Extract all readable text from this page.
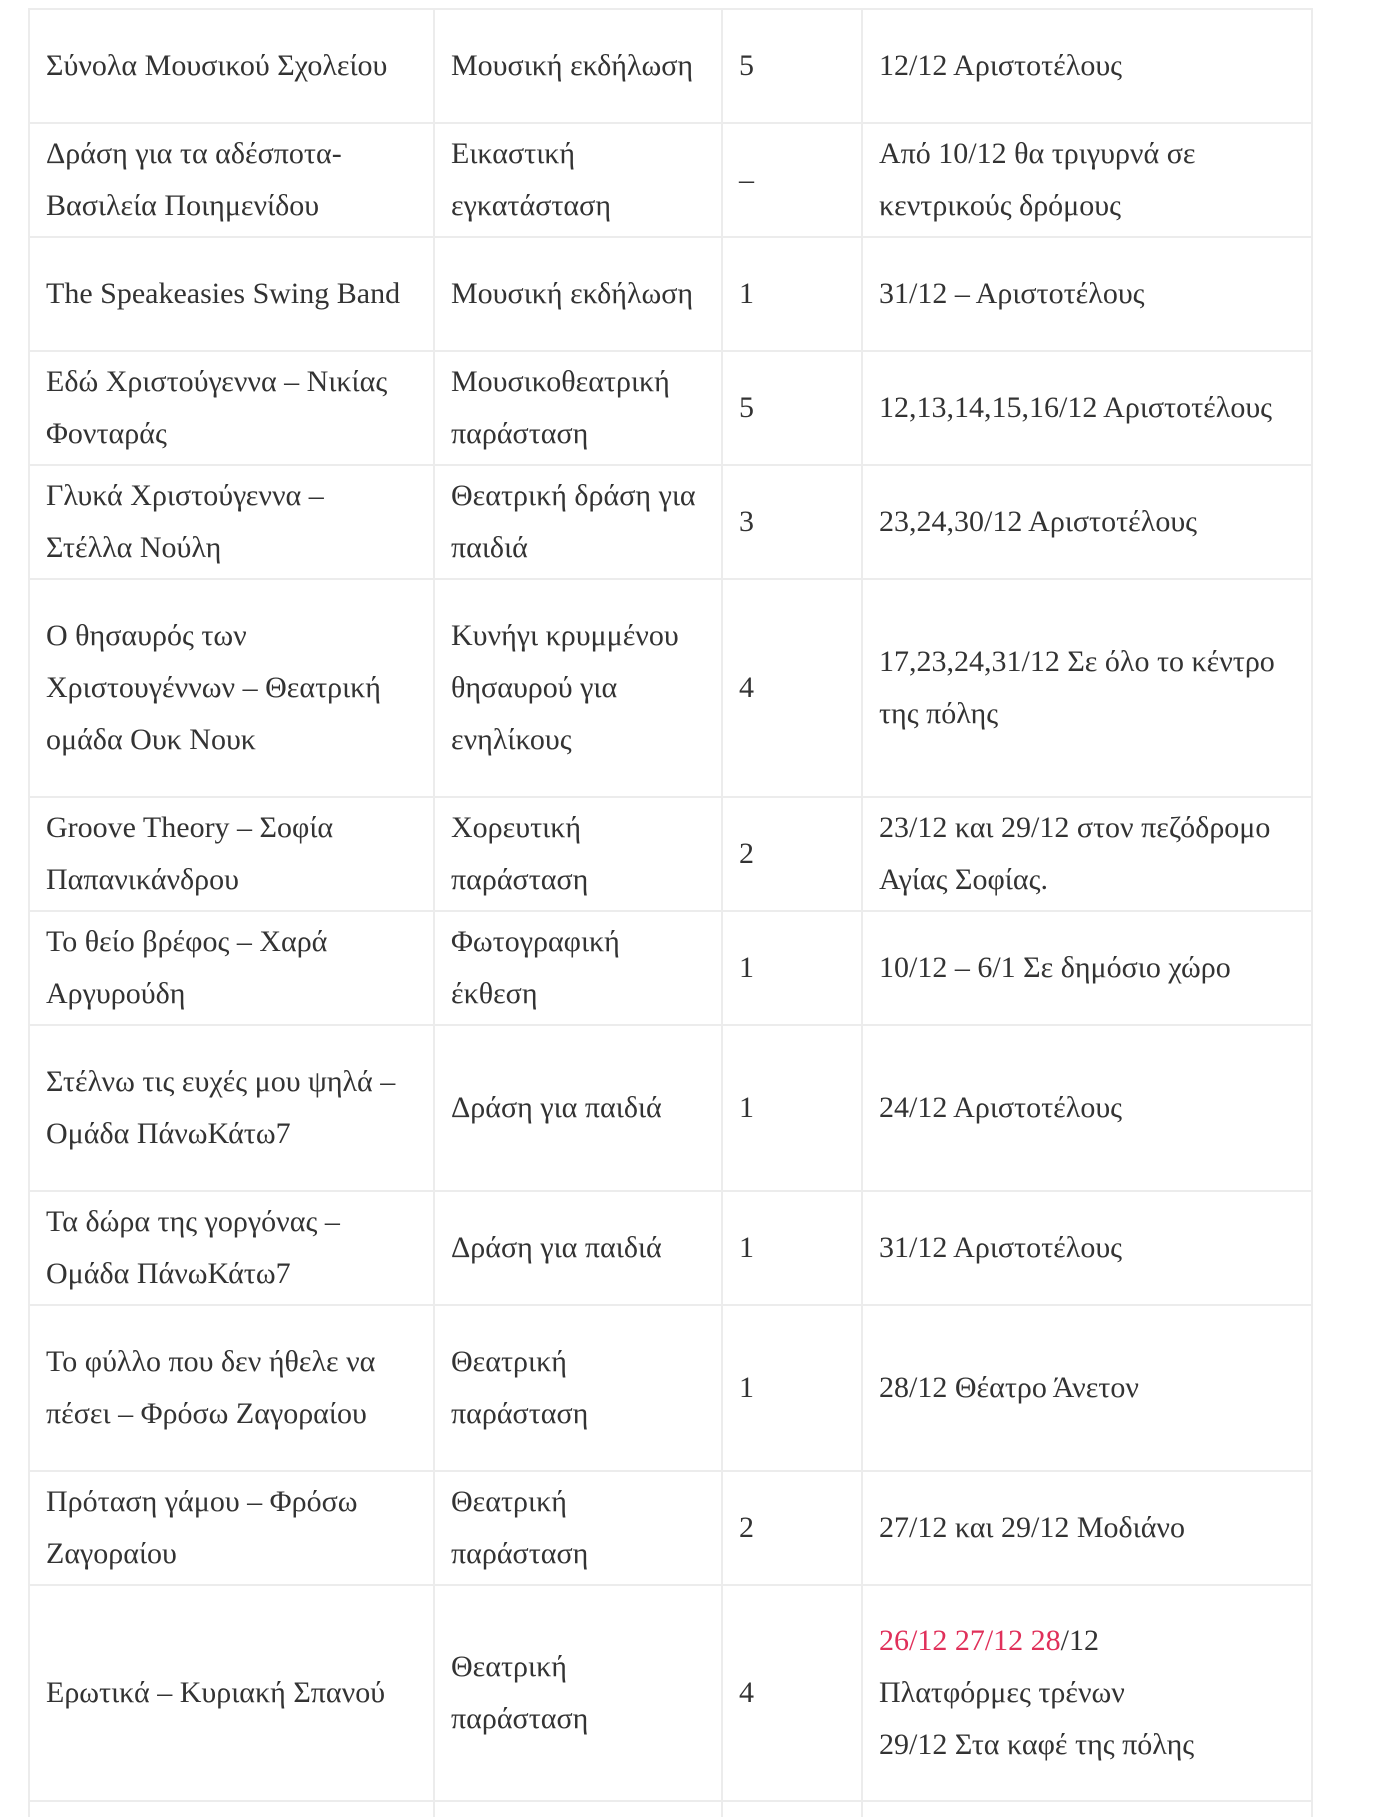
Σύνολα Μουσικού Σχολείου	Μουσική εκδήλωση	5	12/12 Αριστοτέλους
Δράση για τα αδέσποτα- Βασιλεία Ποιημενίδου	Εικαστική εγκατάσταση	–	Από 10/12 θα τριγυρνά σε κεντρικούς δρόμους
The Speakeasies Swing Band	Μουσική εκδήλωση	1	31/12 – Αριστοτέλους
Εδώ Χριστούγεννα – Νικίας Φονταράς	Μουσικοθεατρική παράσταση	5	12,13,14,15,16/12 Αριστοτέλους
Γλυκά Χριστούγεννα – Στέλλα Νούλη	Θεατρική δράση για παιδιά	3	23,24,30/12 Αριστοτέλους
Ο θησαυρός των Χριστουγέννων – Θεατρική ομάδα Ουκ Νουκ	Κυνήγι κρυμμένου θησαυρού για ενηλίκους	4	17,23,24,31/12 Σε όλο το κέντρο της πόλης
Groove Theory – Σοφία Παπανικάνδρου	Χορευτική παράσταση	2	23/12 και 29/12 στον πεζόδρομο Αγίας Σοφίας.
Το θείο βρέφος – Χαρά Αργυρούδη	Φωτογραφική έκθεση	1	10/12 – 6/1 Σε δημόσιο χώρο
Στέλνω τις ευχές μου ψηλά – Ομάδα ΠάνωΚάτω7	Δράση για παιδιά	1	24/12 Αριστοτέλους
Τα δώρα της γοργόνας – Ομάδα ΠάνωΚάτω7	Δράση για παιδιά	1	31/12 Αριστοτέλους
Το φύλλο που δεν ήθελε να πέσει – Φρόσω Ζαγοραίου	Θεατρική παράσταση	1	28/12 Θέατρο Άνετον
Πρόταση γάμου – Φρόσω Ζαγοραίου	Θεατρική παράσταση	2	27/12 και 29/12 Μοδιάνο
Ερωτικά – Κυριακή Σπανού	Θεατρική παράσταση	4	26/12 27/12 28/12
Πλατφόρμες τρένων
29/12 Στα καφέ της πόλης
